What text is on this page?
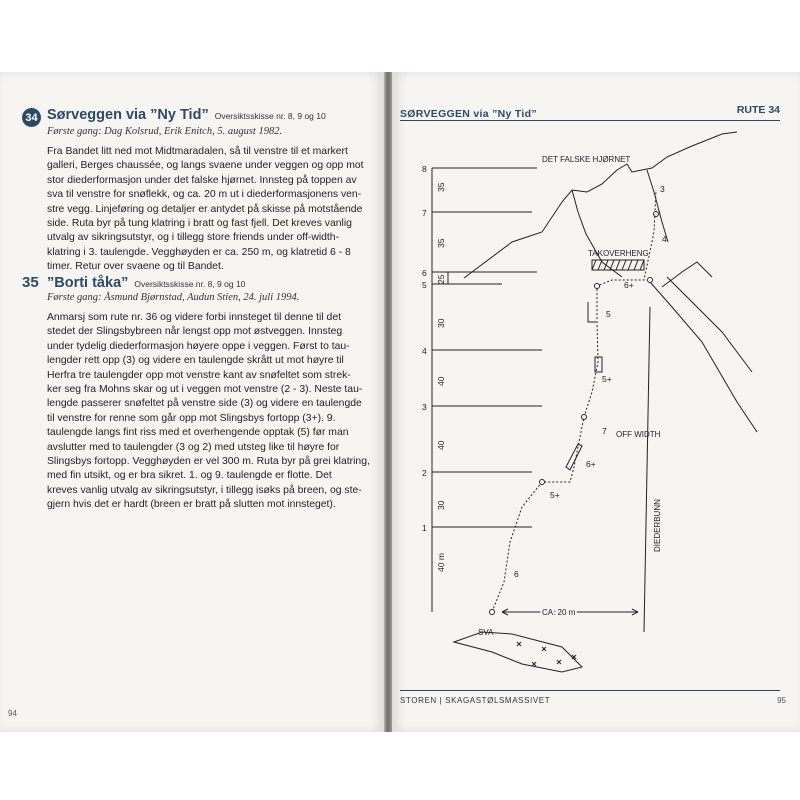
34 Sørveggen via ”Ny Tid” Oversiktsskisse nr. 8, 9 og 10
Første gang: Dag Kolsrud, Erik Enitch, 5. august 1982.
Fra Bandet litt ned mot Midtmaradalen, så til venstre til et markert
galleri, Berges chaussée, og langs svaene under veggen og opp mot
stor diederformasjon under det falske hjørnet. Innsteg på toppen av
sva til venstre for snøflekk, og ca. 20 m ut i diederformasjonens ven-
stre vegg. Linjeføring og detaljer er antydet på skisse på motstående
side. Ruta byr på tung klatring i bratt og fast fjell. Det kreves vanlig
utvalg av sikringsutstyr, og i tillegg store friends under off-width-
klatring i 3. taulengde. Vegghøyden er ca. 250 m, og klatretid 6 - 8
timer. Retur over svaene og til Bandet.
35 ”Borti tåka” Oversiktsskisse nr. 8, 9 og 10
Første gang: Åsmund Bjørnstad, Audun Stien, 24. juli 1994.
Anmarsj som rute nr. 36 og videre forbi innsteget til denne til det
stedet der Slingsbybreen når lengst opp mot østveggen. Innsteg
under tydelig diederformasjon høyere oppe i veggen. Først to tau-
lengder rett opp (3) og videre en taulengde skrått ut mot høyre til
Herfra tre taulengder opp mot venstre kant av snøfeltet som strek-
ker seg fra Mohns skar og ut i veggen mot venstre (2 - 3). Neste tau-
lengde passerer snøfeltet på venstre side (3) og videre en taulengde
til venstre for renne som går opp mot Slingsbys fortopp (3+). 9.
taulengde langs fint riss med et overhengende opptak (5) før man
avslutter med to taulengder (3 og 2) med utsteg like til høyre for
Slingsbys fortopp. Vegghøyden er vel 300 m. Ruta byr på grei klatring,
med fin utsikt, og er bra sikret. 1. og 9. taulengde er flotte. Det
kreves vanlig utvalg av sikringsutstyr, i tillegg isøks på breen, og ste-
gjern hvis det er hardt (breen er bratt på slutten mot innsteget).
94
SØRVEGGEN via ”Ny Tid”	RUTE 34
8
7
6
5
4
3
2
1
35
35
25
30
40
40
30
40 m
DET FALSKE HJØRNET
TAKOVERHENG
OFF WIDTH
DIEDERBUNN
CA. 20 m
SVA
3
4
6+
5
5+
7
6+
5+
6
STOREN | SKAGASTØLSMASSIVET	95
